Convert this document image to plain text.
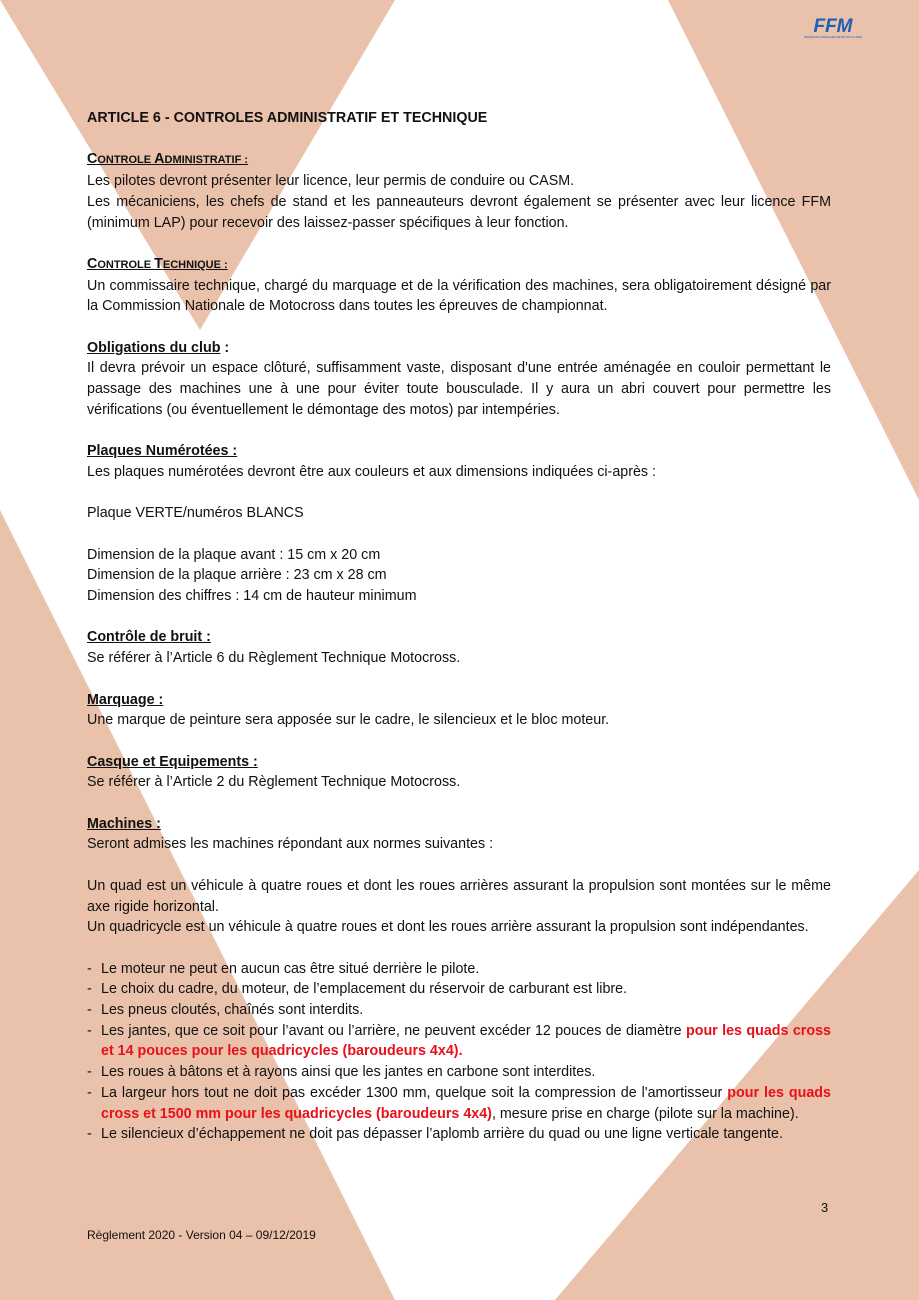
FFM
FÉDÉRATION FRANÇAISE DE MOTOCYCLISME

ARTICLE 6 - CONTROLES ADMINISTRATIF ET TECHNIQUE

CONTROLE ADMINISTRATIF :

Les pilotes devront présenter leur licence, leur permis de conduire ou CASM.

Les mécaniciens, les chefs de stand et les panneauteurs devront également se présenter avec leur licence FFM (minimum LAP) pour recevoir des laissez-passer spécifiques à leur fonction.

CONTROLE TECHNIQUE :

Un commissaire technique, chargé du marquage et de la vérification des machines, sera obligatoirement désigné par la Commission Nationale de Motocross dans toutes les épreuves de championnat.

Obligations du club :

Il devra prévoir un espace clôturé, suffisamment vaste, disposant d'une entrée aménagée en couloir permettant le passage des machines une à une pour éviter toute bousculade. Il y aura un abri couvert pour permettre les vérifications (ou éventuellement le démontage des motos) par intempéries.

Plaques Numérotées :

Les plaques numérotées devront être aux couleurs et aux dimensions indiquées ci-après :

Plaque VERTE/numéros BLANCS

Dimension de la plaque avant : 15 cm x 20 cm

Dimension de la plaque arrière : 23 cm x 28 cm

Dimension des chiffres : 14 cm de hauteur minimum

Contrôle de bruit :

Se référer à l’Article 6 du Règlement Technique Motocross.

Marquage :

Une marque de peinture sera apposée sur le cadre, le silencieux et le bloc moteur.

Casque et Equipements :

Se référer à l’Article 2 du Règlement Technique Motocross.

Machines :

Seront admises les machines répondant aux normes suivantes :

Un quad est un véhicule à quatre roues et dont les roues arrières assurant la propulsion sont montées sur le même axe rigide horizontal.

Un quadricycle est un véhicule à quatre roues et dont les roues arrière assurant la propulsion sont indépendantes.

- Le moteur ne peut en aucun cas être situé derrière le pilote.
- Le choix du cadre, du moteur, de l’emplacement du réservoir de carburant est libre.
- Les pneus cloutés, chaînés sont interdits.
- Les jantes, que ce soit pour l’avant ou l’arrière, ne peuvent excéder 12 pouces de diamètre pour les quads cross et 14 pouces pour les quadricycles (baroudeurs 4x4).
- Les roues à bâtons et à rayons ainsi que les jantes en carbone sont interdites.
- La largeur hors tout ne doit pas excéder 1300 mm, quelque soit la compression de l'amortisseur pour les quads cross et 1500 mm pour les quadricycles (baroudeurs 4x4), mesure prise en charge (pilote sur la machine).
- Le silencieux d’échappement ne doit pas dépasser l’aplomb arrière du quad ou une ligne verticale tangente.
3
Règlement 2020 - Version 04 – 09/12/2019
